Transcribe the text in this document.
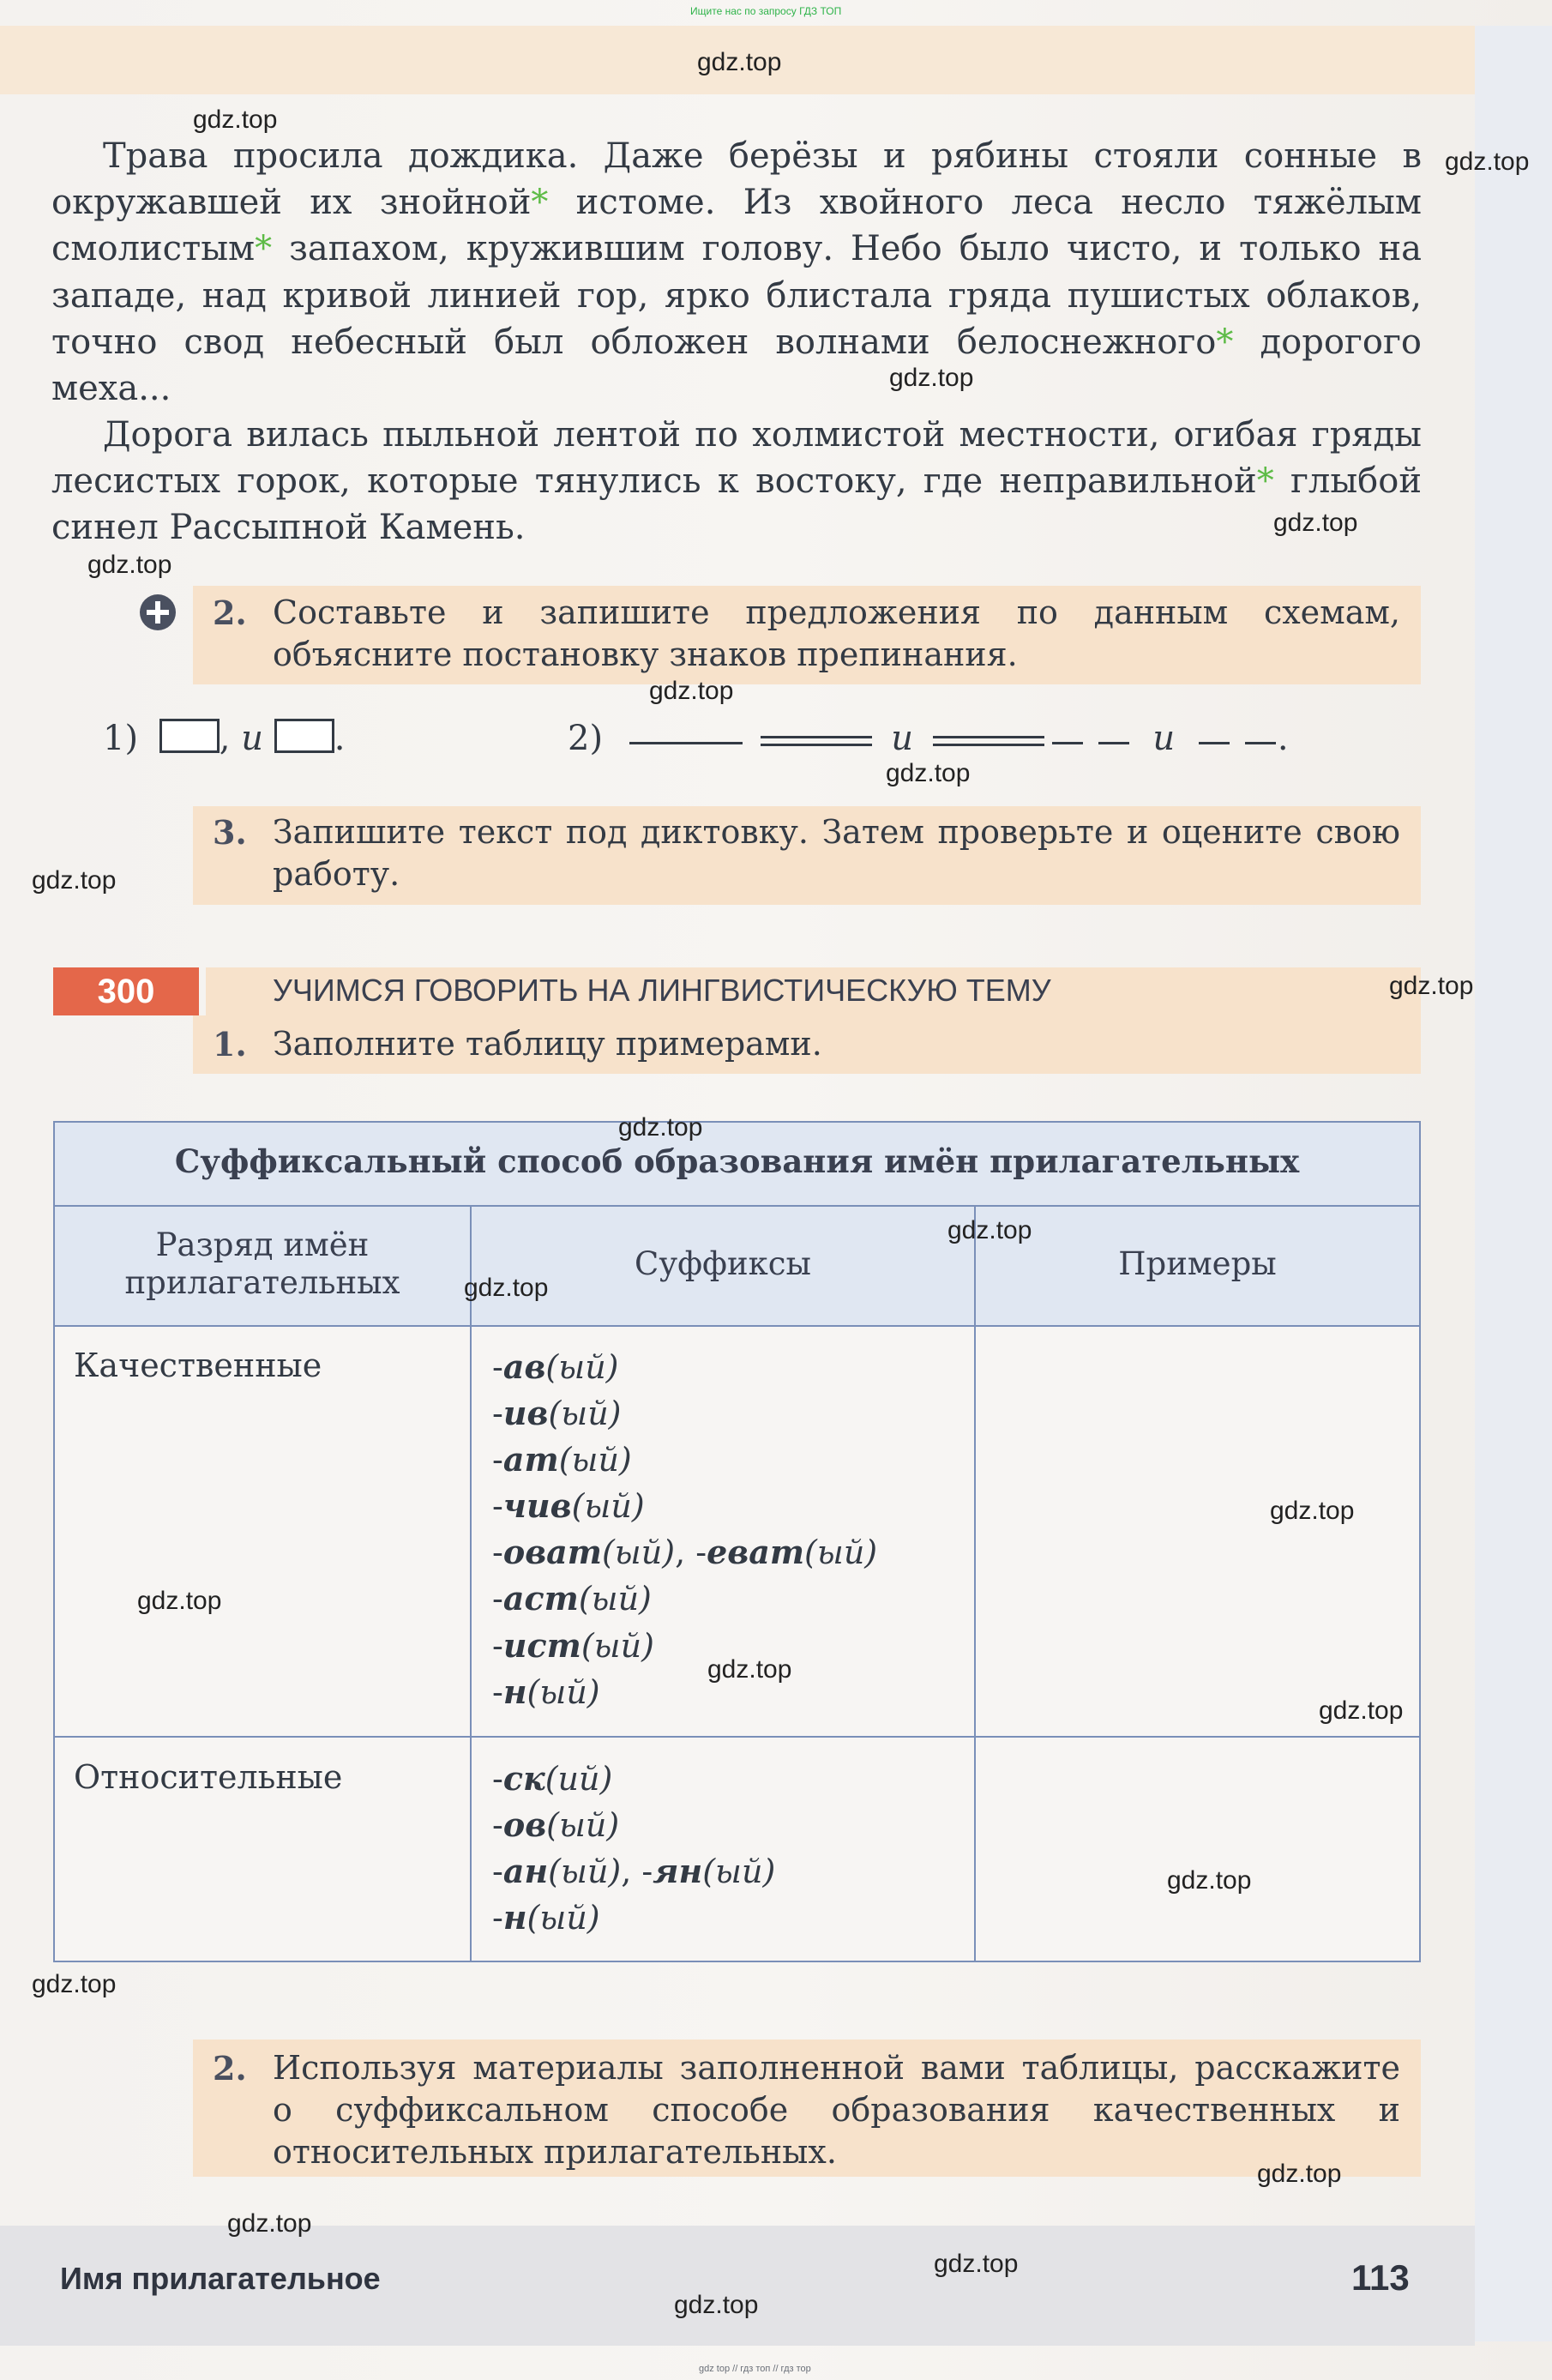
Ищите нас по запросу ГДЗ ТОП

Трава просила дождика. Даже берёзы и рябины стояли сонные в окружавшей их знойной* истоме. Из хвойного леса несло тяжёлым смолистым* запахом, кружившим голову. Небо было чисто, и только на западе, над кривой линией гор, ярко блистала гряда пушистых облаков, точно свод небесный был обложен волнами белоснежного* дорогого меха...

Дорога вилась пыльной лентой по холмистой местности, огибая гряды лесистых горок, которые тянулись к востоку, где неправильной* глыбой синел Рассыпной Камень.

2. Составьте и запишите предложения по данным схемам, объясните постановку знаков препинания.

1) , и .	2)	и	и	.
3. Запишите текст под диктовку. Затем проверьте и оцените свою работу.

300	УЧИМСЯ ГОВОРИТЬ НА ЛИНГВИСТИЧЕСКУЮ ТЕМУ
1. Заполните таблицу примерами.

Суффиксальный способ образования имён прилагательных
Разряд имён
прилагательных
Суффиксы	Примеры
Качественные	-ав(ый)
-ив(ый)
-ат(ый)
-чив(ый)
-оват(ый), -еват(ый)
-аст(ый)
-ист(ый)
-н(ый)
Относительные	-ск(ий)
-ов(ый)
-ан(ый), -ян(ый)
-н(ый)
2. Используя материалы заполненной вами таблицы, расскажите о суффиксальном способе образования качественных и относительных прилагательных.

Имя прилагательное	113
gdz top // гдз топ // гдз тор
gdz.top
gdz.top
gdz.top
gdz.top
gdz.top
gdz.top
gdz.top
gdz.top
gdz.top
gdz.top
gdz.top
gdz.top
gdz.top
gdz.top
gdz.top
gdz.top
gdz.top
gdz.top
gdz.top
gdz.top
gdz.top
gdz.top
gdz.top
